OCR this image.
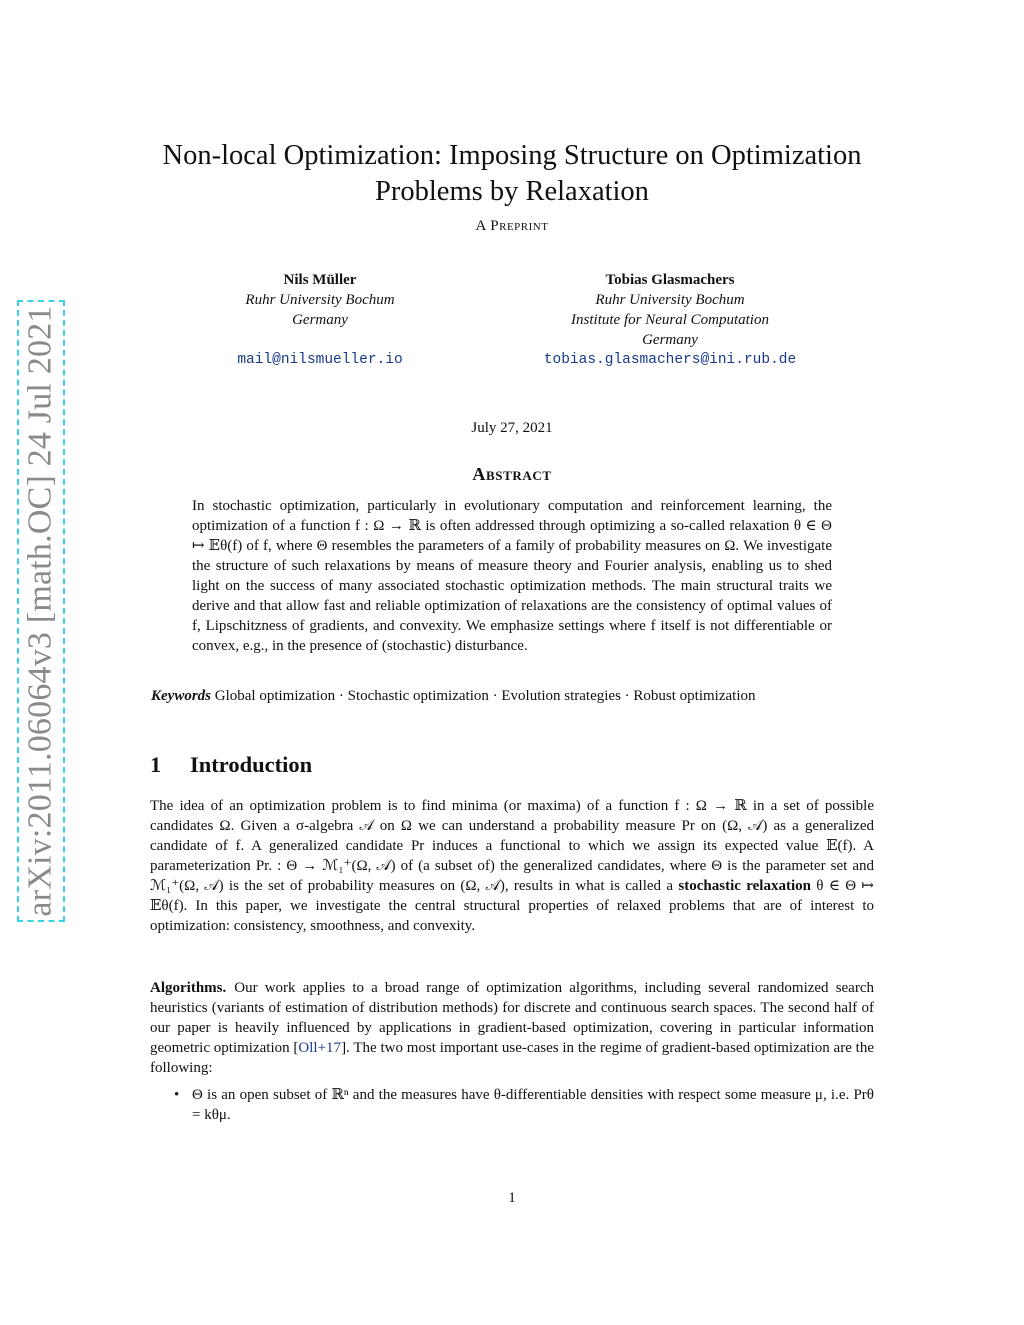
arXiv:2011.06064v3 [math.OC] 24 Jul 2021
Non-local Optimization: Imposing Structure on Optimization Problems by Relaxation
A Preprint
Nils Müller
Ruhr University Bochum
Germany
mail@nilsmueller.io
Tobias Glasmachers
Ruhr University Bochum
Institute for Neural Computation
Germany
tobias.glasmachers@ini.rub.de
July 27, 2021
Abstract
In stochastic optimization, particularly in evolutionary computation and reinforcement learning, the optimization of a function f : Ω → ℝ is often addressed through optimizing a so-called relaxation θ ∈ Θ ↦ 𝔼θ(f) of f, where Θ resembles the parameters of a family of probability measures on Ω. We investigate the structure of such relaxations by means of measure theory and Fourier analysis, enabling us to shed light on the success of many associated stochastic optimization methods. The main structural traits we derive and that allow fast and reliable optimization of relaxations are the consistency of optimal values of f, Lipschitzness of gradients, and convexity. We emphasize settings where f itself is not differentiable or convex, e.g., in the presence of (stochastic) disturbance.
Keywords Global optimization · Stochastic optimization · Evolution strategies · Robust optimization
1 Introduction
The idea of an optimization problem is to find minima (or maxima) of a function f : Ω → ℝ in a set of possible candidates Ω. Given a σ-algebra 𝒜 on Ω we can understand a probability measure Pr on (Ω, 𝒜) as a generalized candidate of f. A generalized candidate Pr induces a functional to which we assign its expected value 𝔼(f). A parameterization Pr. : Θ → ℳ₁⁺(Ω, 𝒜) of (a subset of) the generalized candidates, where Θ is the parameter set and ℳ₁⁺(Ω, 𝒜) is the set of probability measures on (Ω, 𝒜), results in what is called a stochastic relaxation θ ∈ Θ ↦ 𝔼θ(f). In this paper, we investigate the central structural properties of relaxed problems that are of interest to optimization: consistency, smoothness, and convexity.
Algorithms. Our work applies to a broad range of optimization algorithms, including several randomized search heuristics (variants of estimation of distribution methods) for discrete and continuous search spaces. The second half of our paper is heavily influenced by applications in gradient-based optimization, covering in particular information geometric optimization [Oll+17]. The two most important use-cases in the regime of gradient-based optimization are the following:
• Θ is an open subset of ℝⁿ and the measures have θ-differentiable densities with respect some measure μ, i.e. Prθ = kθμ.
1
